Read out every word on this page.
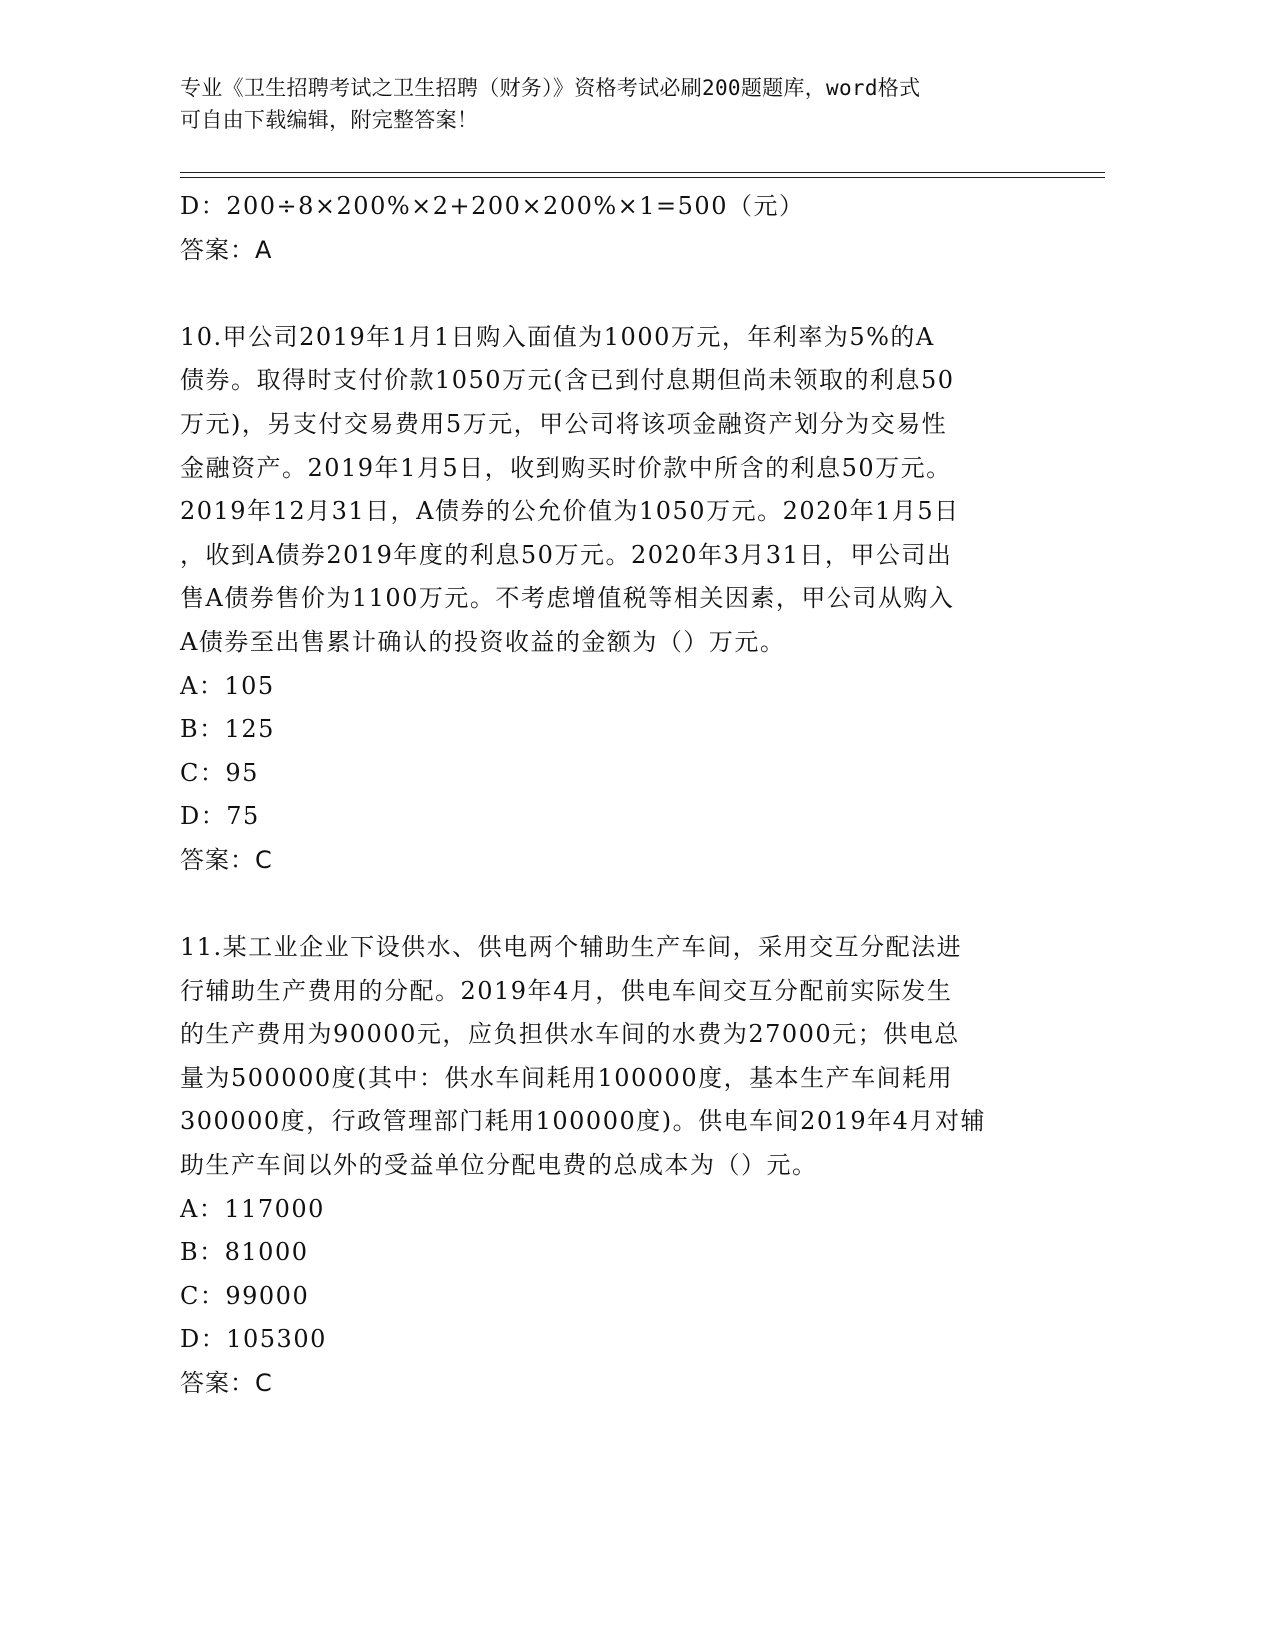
专业《卫生招聘考试之卫生招聘（财务）》资格考试必刷200题题库，word格式
可自由下载编辑，附完整答案！
D：200÷8×200%×2+200×200%×1=500（元）
答案：A
10.甲公司2019年1月1日购入面值为1000万元，年利率为5%的A
债券。取得时支付价款1050万元(含已到付息期但尚未领取的利息50
万元)，另支付交易费用5万元，甲公司将该项金融资产划分为交易性
金融资产。2019年1月5日，收到购买时价款中所含的利息50万元。
2019年12月31日，A债券的公允价值为1050万元。2020年1月5日
，收到A债券2019年度的利息50万元。2020年3月31日，甲公司出
售A债券售价为1100万元。不考虑增值税等相关因素，甲公司从购入
A债券至出售累计确认的投资收益的金额为（）万元。
A：105
B：125
C：95
D：75
答案：C
11.某工业企业下设供水、供电两个辅助生产车间，采用交互分配法进
行辅助生产费用的分配。2019年4月，供电车间交互分配前实际发生
的生产费用为90000元，应负担供水车间的水费为27000元；供电总
量为500000度(其中：供水车间耗用100000度，基本生产车间耗用
300000度，行政管理部门耗用100000度)。供电车间2019年4月对辅
助生产车间以外的受益单位分配电费的总成本为（）元。
A：117000
B：81000
C：99000
D：105300
答案：C
